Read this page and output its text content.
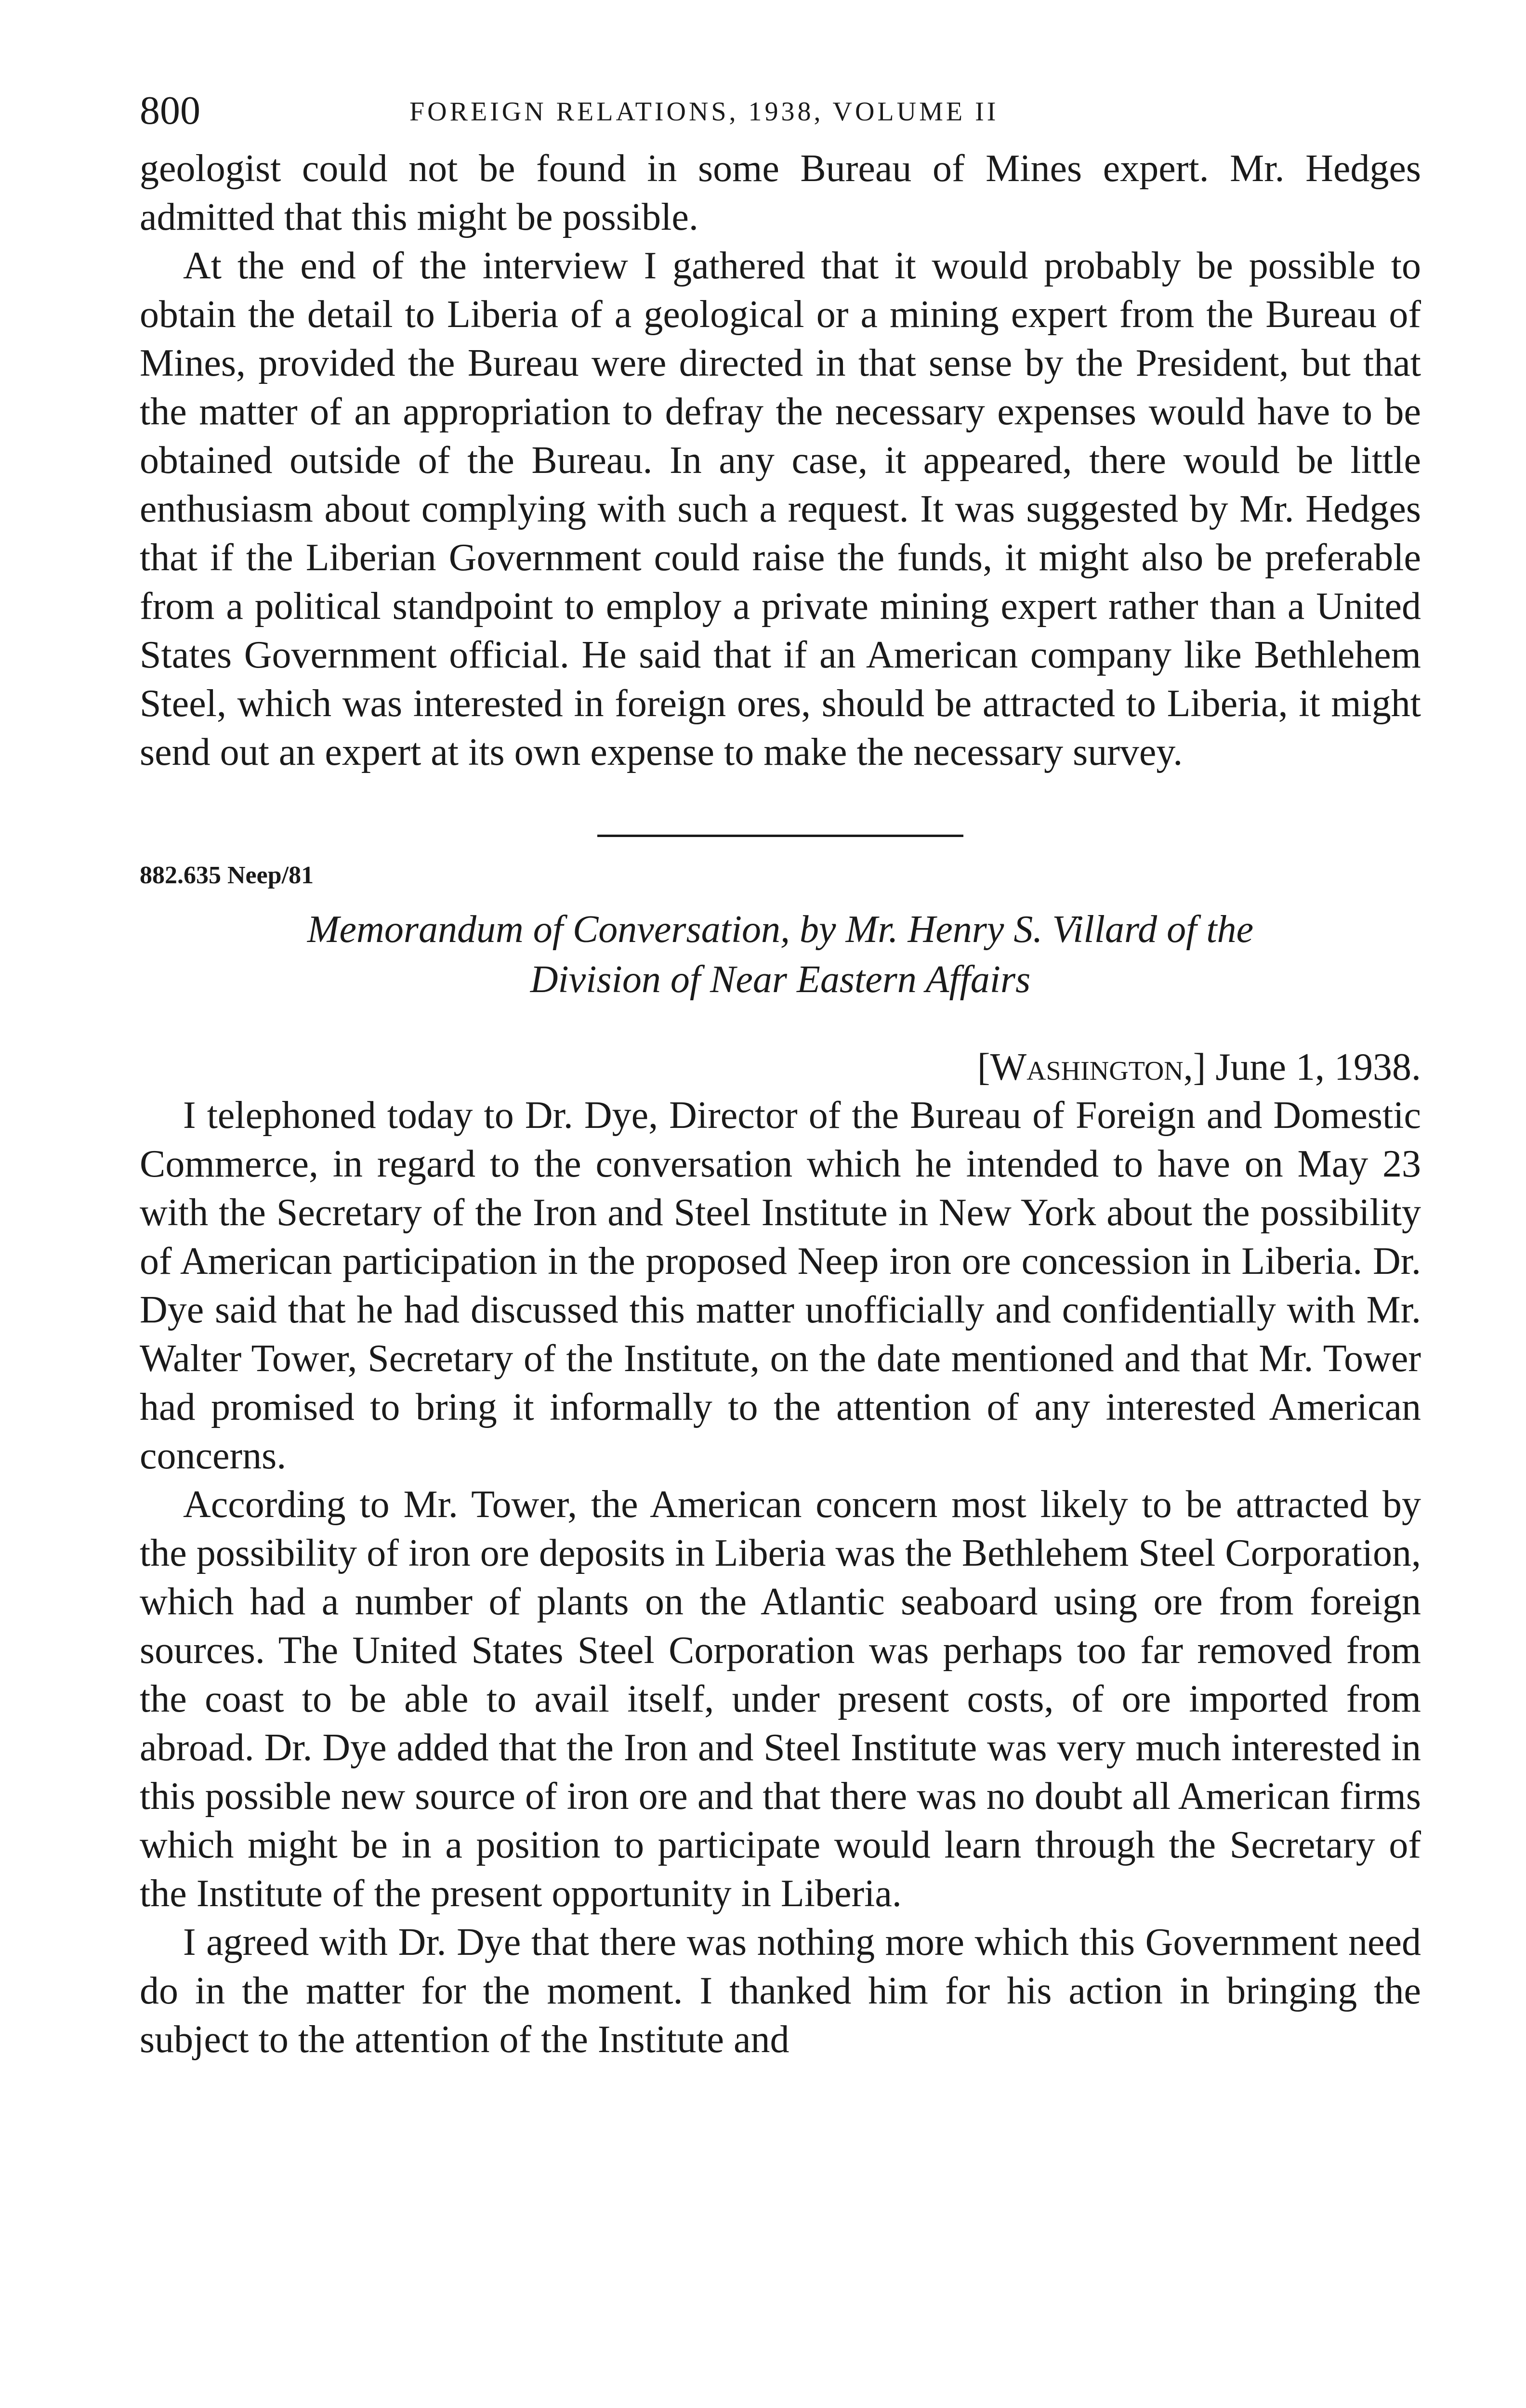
800	FOREIGN RELATIONS, 1938, VOLUME II

geologist could not be found in some Bureau of Mines expert. Mr. Hedges admitted that this might be possible.

At the end of the interview I gathered that it would probably be possible to obtain the detail to Liberia of a geological or a mining expert from the Bureau of Mines, provided the Bureau were directed in that sense by the President, but that the matter of an appropriation to defray the necessary expenses would have to be obtained outside of the Bureau. In any case, it appeared, there would be little enthusiasm about complying with such a request. It was suggested by Mr. Hedges that if the Liberian Government could raise the funds, it might also be preferable from a political standpoint to employ a private mining expert rather than a United States Government official. He said that if an American company like Bethlehem Steel, which was interested in foreign ores, should be attracted to Liberia, it might send out an expert at its own expense to make the necessary survey.

882.635 Neep/81
Memorandum of Conversation, by Mr. Henry S. Villard of the
Division of Near Eastern Affairs
[Washington,] June 1, 1938.

I telephoned today to Dr. Dye, Director of the Bureau of Foreign and Domestic Commerce, in regard to the conversation which he intended to have on May 23 with the Secretary of the Iron and Steel Institute in New York about the possibility of American participation in the proposed Neep iron ore concession in Liberia. Dr. Dye said that he had discussed this matter unofficially and confidentially with Mr. Walter Tower, Secretary of the Institute, on the date mentioned and that Mr. Tower had promised to bring it informally to the attention of any interested American concerns.

According to Mr. Tower, the American concern most likely to be attracted by the possibility of iron ore deposits in Liberia was the Bethlehem Steel Corporation, which had a number of plants on the Atlantic seaboard using ore from foreign sources. The United States Steel Corporation was perhaps too far removed from the coast to be able to avail itself, under present costs, of ore imported from abroad. Dr. Dye added that the Iron and Steel Institute was very much interested in this possible new source of iron ore and that there was no doubt all American firms which might be in a position to participate would learn through the Secretary of the Institute of the present opportunity in Liberia.

I agreed with Dr. Dye that there was nothing more which this Government need do in the matter for the moment. I thanked him for his action in bringing the subject to the attention of the Institute and
